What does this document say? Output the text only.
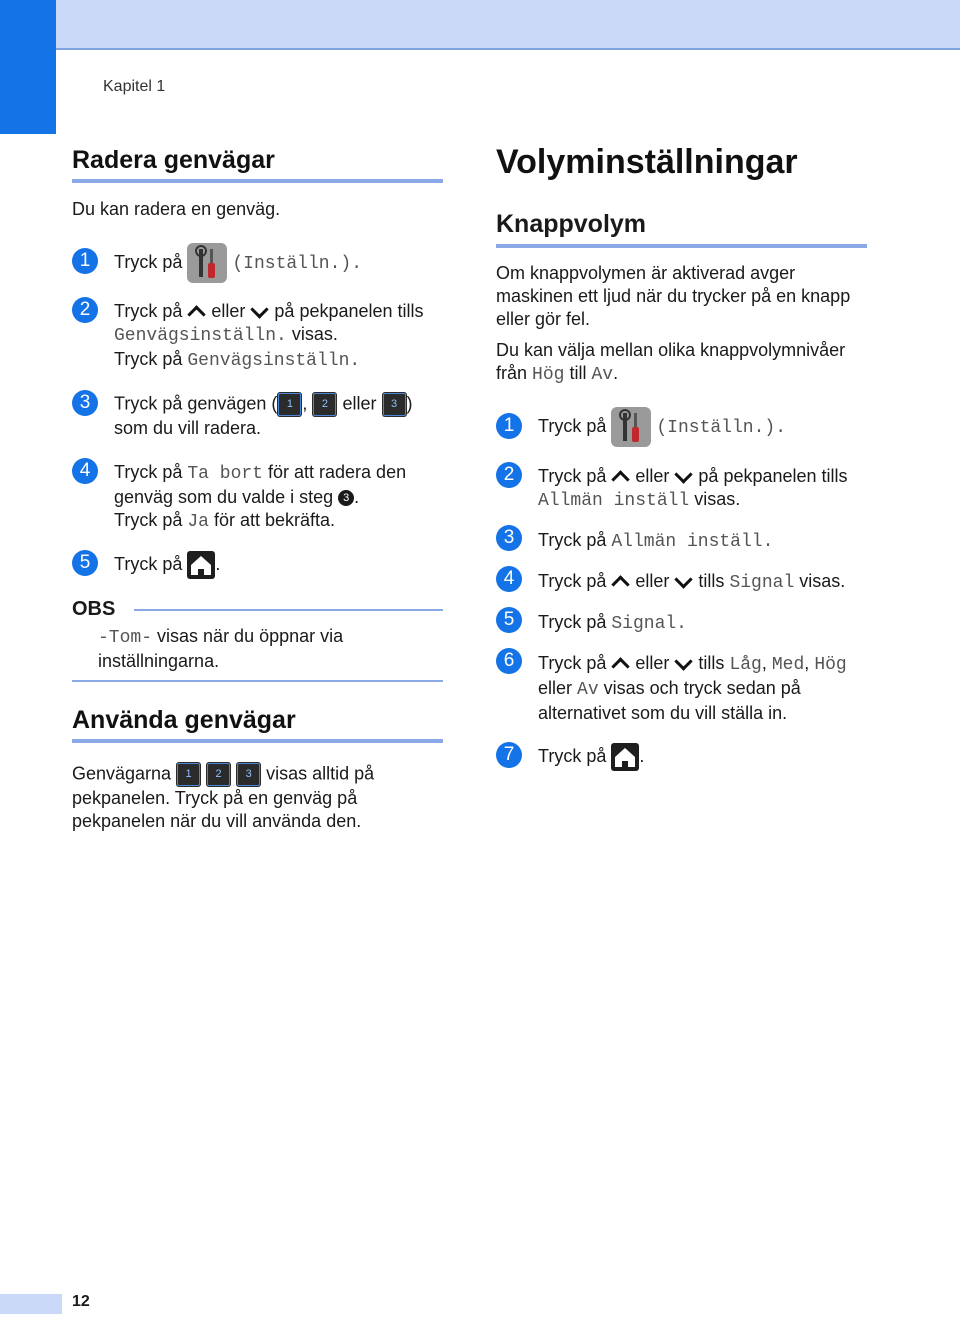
Kapitel 1
Radera genvägar
Du kan radera en genväg.
1	Tryck på	(Inställn.).
2	Tryck på eller på pekpanelen tills
Genvägsinställn. visas.
Tryck på Genvägsinställn.
3	Tryck på genvägen ( 1 ,	2 eller	3 )
som du vill radera.
4	Tryck på Ta bort för att radera den
genväg som du valde i steg 3 .
Tryck på Ja för att bekräfta.
5	Tryck på .
OBS
-Tom- visas när du öppnar via
inställningarna.
Använda genvägar
Genvägarna	1
	2
	3 visas alltid på
pekpanelen. Tryck på en genväg på
pekpanelen när du vill använda den.
Volyminställningar
Knappvolym
Om knappvolymen är aktiverad avger
maskinen ett ljud när du trycker på en knapp
eller gör fel.
Du kan välja mellan olika knappvolymnivåer
från Hög till Av.
1	Tryck på	(Inställn.).
2	Tryck på eller på pekpanelen tills
Allmän inställ visas.
3	Tryck på Allmän inställ.
4	Tryck på eller tills Signal visas.
5	Tryck på Signal.
6	Tryck på eller tills Låg, Med, Hög
eller Av visas och tryck sedan på
alternativet som du vill ställa in.
7	Tryck på .
12
